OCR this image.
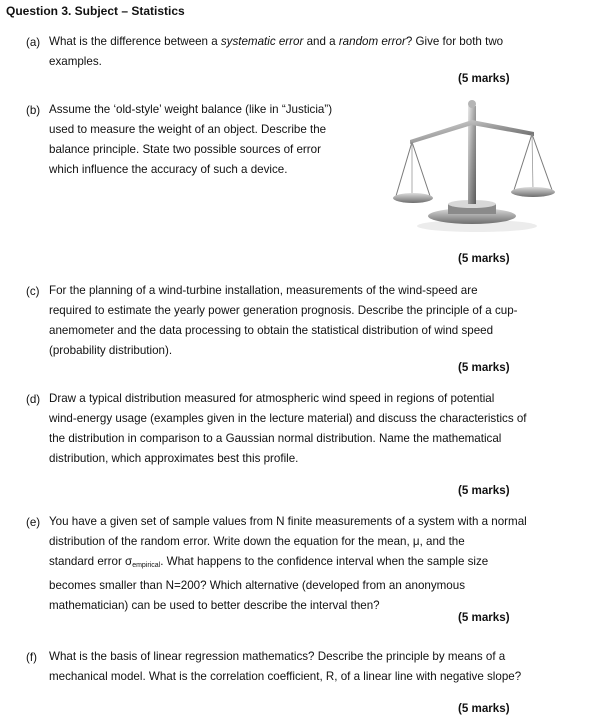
Question 3. Subject – Statistics
(a) What is the difference between a systematic error and a random error? Give for both two
examples.
(5 marks)
(b) Assume the ‘old-style’ weight balance (like in “Justicia”)
used to measure the weight of an object. Describe the
balance principle. State two possible sources of error
which influence the accuracy of such a device.
(5 marks)
(c) For the planning of a wind-turbine installation, measurements of the wind-speed are
required to estimate the yearly power generation prognosis. Describe the principle of a cup-
anemometer and the data processing to obtain the statistical distribution of wind speed
(probability distribution).
(5 marks)
(d) Draw a typical distribution measured for atmospheric wind speed in regions of potential
wind-energy usage (examples given in the lecture material) and discuss the characteristics of
the distribution in comparison to a Gaussian normal distribution. Name the mathematical
distribution, which approximates best this profile.
(5 marks)
(e) You have a given set of sample values from N finite measurements of a system with a normal
distribution of the random error. Write down the equation for the mean, μ, and the
standard error $\sigma_{empirical}$. What happens to the confidence interval when the sample size
becomes smaller than N=200? Which alternative (developed from an anonymous
mathematician) can be used to better describe the interval then?
(5 marks)
(f) What is the basis of linear regression mathematics? Describe the principle by means of a
mechanical model. What is the correlation coefficient, R, of a linear line with negative slope?
(5 marks)
